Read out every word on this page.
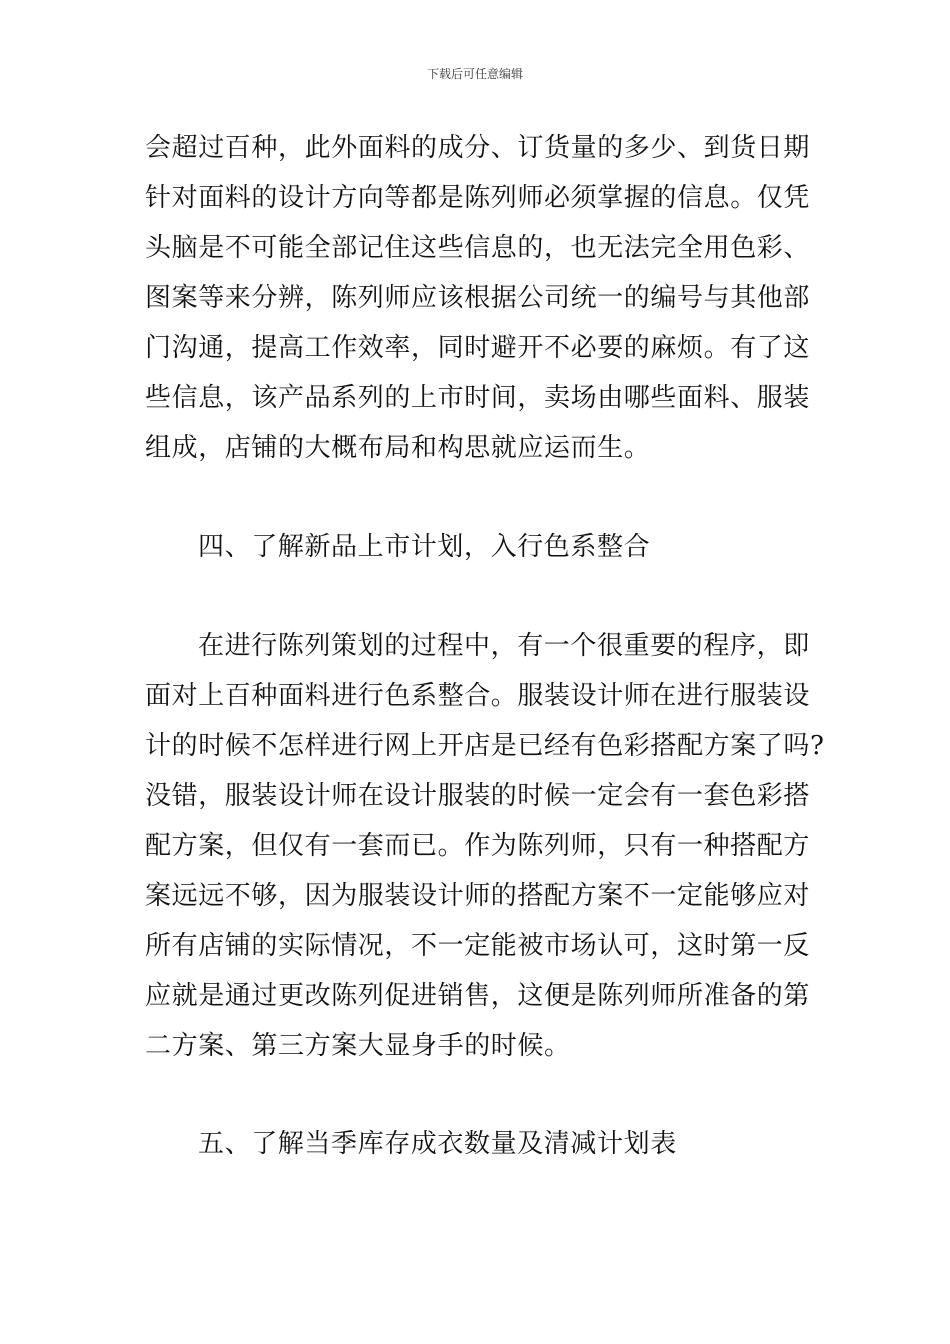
下载后可任意编辑
会超过百种，此外面料的成分、订货量的多少、到货日期
针对面料的设计方向等都是陈列师必须掌握的信息。仅凭
头脑是不可能全部记住这些信息的，也无法完全用色彩、
图案等来分辨，陈列师应该根据公司统一的编号与其他部
门沟通，提高工作效率，同时避开不必要的麻烦。有了这
些信息，该产品系列的上市时间，卖场由哪些面料、服装
组成，店铺的大概布局和构思就应运而生。
四、了解新品上市计划，入行色系整合
在进行陈列策划的过程中，有一个很重要的程序，即
面对上百种面料进行色系整合。服装设计师在进行服装设
计的时候不怎样进行网上开店是已经有色彩搭配方案了吗?
没错，服装设计师在设计服装的时候一定会有一套色彩搭
配方案，但仅有一套而已。作为陈列师，只有一种搭配方
案远远不够，因为服装设计师的搭配方案不一定能够应对
所有店铺的实际情况，不一定能被市场认可，这时第一反
应就是通过更改陈列促进销售，这便是陈列师所准备的第
二方案、第三方案大显身手的时候。
五、了解当季库存成衣数量及清减计划表
